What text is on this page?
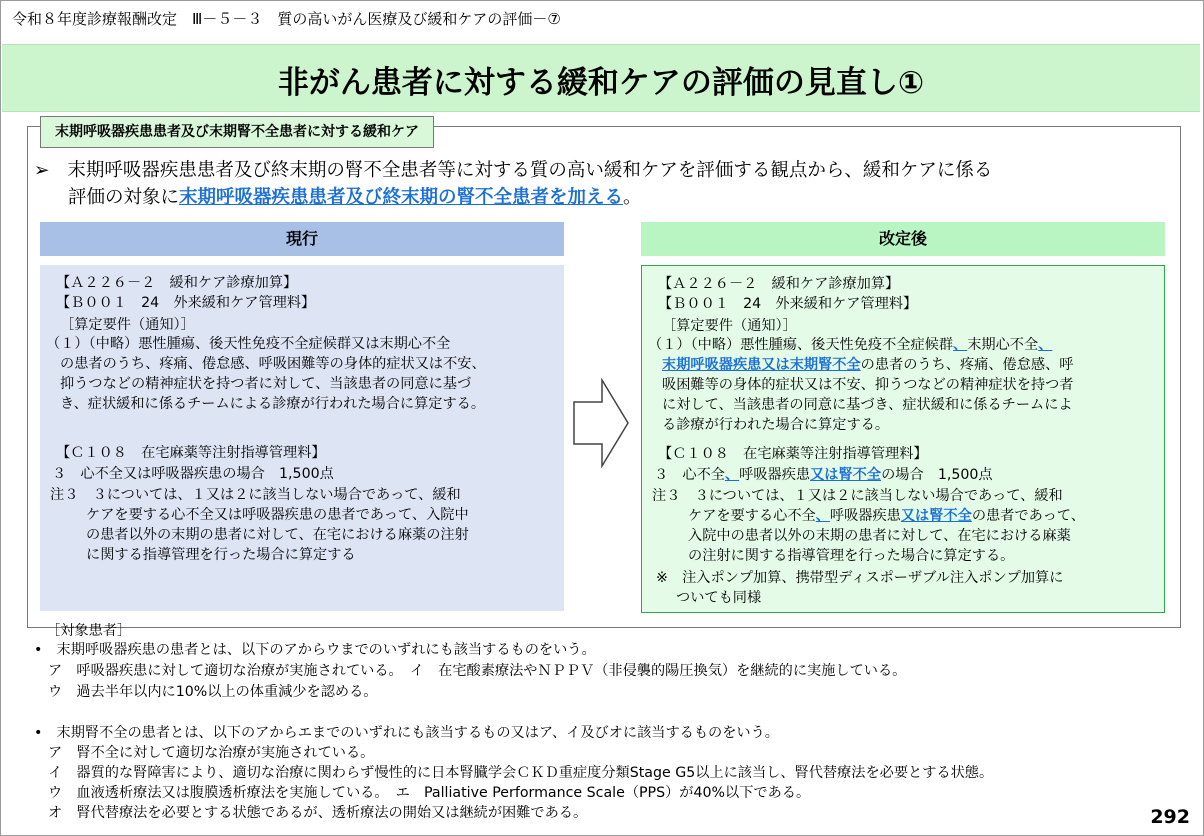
令和８年度診療報酬改定　Ⅲ－５－３　質の高いがん医療及び緩和ケアの評価－⑦
非がん患者に対する緩和ケアの評価の見直し①
末期呼吸器疾患患者及び末期腎不全患者に対する緩和ケア
➢ 末期呼吸器疾患患者及び終末期の腎不全患者等に対する質の高い緩和ケアを評価する観点から、緩和ケアに係る
評価の対象に末期呼吸器疾患患者及び終末期の腎不全患者を加える。
現行	改定後
【Ａ２２６－２　緩和ケア診療加算】
【Ｂ００１　24　外来緩和ケア管理料】
［算定要件（通知）］
（１）（中略）悪性腫瘍、後天性免疫不全症候群又は末期心不全
の患者のうち、疼痛、倦怠感、呼吸困難等の身体的症状又は不安、
抑うつなどの精神症状を持つ者に対して、当該患者の同意に基づ
き、症状緩和に係るチームによる診療が行われた場合に算定する。
【Ｃ１０８　在宅麻薬等注射指導管理料】
３　心不全又は呼吸器疾患の場合　1,500点
注３　３については、１又は２に該当しない場合であって、緩和
ケアを要する心不全又は呼吸器疾患の患者であって、入院中
の患者以外の末期の患者に対して、在宅における麻薬の注射
に関する指導管理を行った場合に算定する
【Ａ２２６－２　緩和ケア診療加算】
【Ｂ００１　24　外来緩和ケア管理料】
［算定要件（通知）］
（１）（中略）悪性腫瘍、後天性免疫不全症候群、末期心不全、
末期呼吸器疾患又は末期腎不全の患者のうち、疼痛、倦怠感、呼
吸困難等の身体的症状又は不安、抑うつなどの精神症状を持つ者
に対して、当該患者の同意に基づき、症状緩和に係るチームによ
る診療が行われた場合に算定する。
【Ｃ１０８　在宅麻薬等注射指導管理料】
３　心不全、呼吸器疾患又は腎不全の場合　1,500点
注３　３については、１又は２に該当しない場合であって、緩和
ケアを要する心不全、呼吸器疾患又は腎不全の患者であって、
入院中の患者以外の末期の患者に対して、在宅における麻薬
の注射に関する指導管理を行った場合に算定する。
※　注入ポンプ加算、携帯型ディスポーザブル注入ポンプ加算に
ついても同様
［対象患者］
•　末期呼吸器疾患の患者とは、以下のアからウまでのいずれにも該当するものをいう。
ア　呼吸器疾患に対して適切な治療が実施されている。　イ　在宅酸素療法やＮＰＰＶ（非侵襲的陽圧換気）を継続的に実施している。
ウ　過去半年以内に10%以上の体重減少を認める。
•　末期腎不全の患者とは、以下のアからエまでのいずれにも該当するもの又はア、イ及びオに該当するものをいう。
ア　腎不全に対して適切な治療が実施されている。
イ　器質的な腎障害により、適切な治療に関わらず慢性的に日本腎臓学会ＣＫＤ重症度分類Stage G5以上に該当し、腎代替療法を必要とする状態。
ウ　血液透析療法又は腹膜透析療法を実施している。　エ　Palliative Performance Scale（PPS）が40%以下である。
オ　腎代替療法を必要とする状態であるが、透析療法の開始又は継続が困難である。	292
